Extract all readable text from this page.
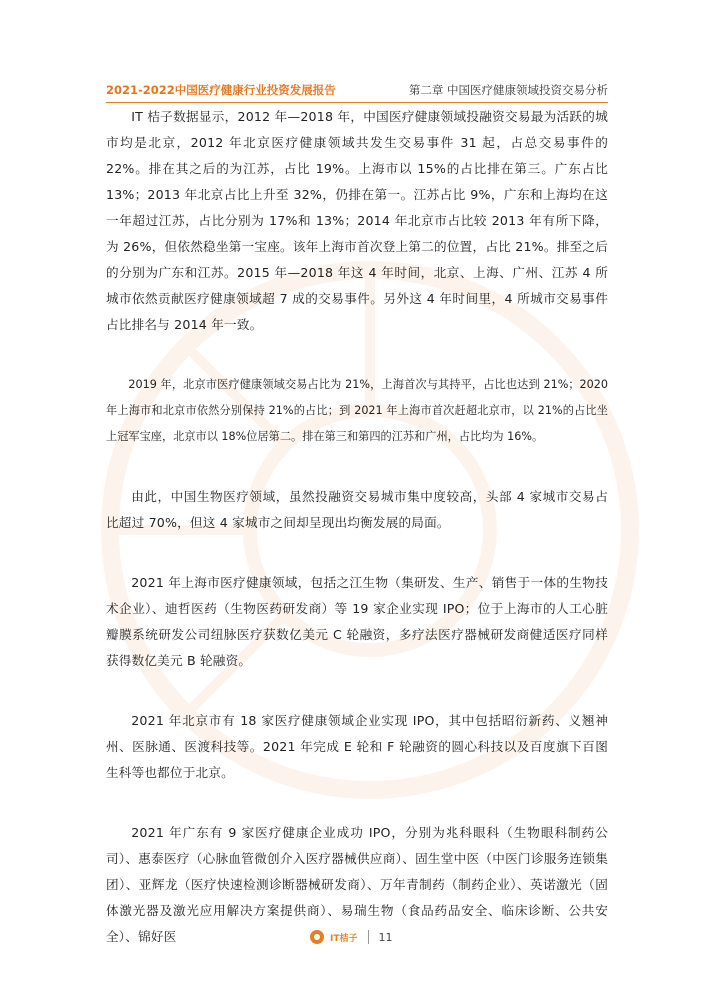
2021-2022中国医疗健康行业投资发展报告	第二章 中国医疗健康领域投资交易分析

IT 桔子数据显示，2012 年—2018 年，中国医疗健康领域投融资交易最为活跃的城市均是北京，2012 年北京医疗健康领域共发生交易事件 31 起，占总交易事件的 22%。排在其之后的为江苏，占比 19%。上海市以 15%的占比排在第三。广东占比 13%；2013 年北京占比上升至 32%，仍排在第一。江苏占比 9%，广东和上海均在这一年超过江苏，占比分别为 17%和 13%；2014 年北京市占比较 2013 年有所下降，为 26%，但依然稳坐第一宝座。该年上海市首次登上第二的位置，占比 21%。排至之后的分别为广东和江苏。2015 年—2018 年这 4 年时间，北京、上海、广州、江苏 4 所城市依然贡献医疗健康领域超 7 成的交易事件。另外这 4 年时间里，4 所城市交易事件占比排名与 2014 年一致。

2019 年，北京市医疗健康领域交易占比为 21%，上海首次与其持平，占比也达到 21%；2020 年上海市和北京市依然分别保持 21%的占比；到 2021 年上海市首次赶超北京市，以 21%的占比坐上冠军宝座，北京市以 18%位居第二。排在第三和第四的江苏和广州，占比均为 16%。

由此，中国生物医疗领域，虽然投融资交易城市集中度较高，头部 4 家城市交易占比超过 70%，但这 4 家城市之间却呈现出均衡发展的局面。

2021 年上海市医疗健康领域，包括之江生物（集研发、生产、销售于一体的生物技术企业）、迪哲医药（生物医药研发商）等 19 家企业实现 IPO；位于上海市的人工心脏瓣膜系统研发公司纽脉医疗获数亿美元 C 轮融资，多疗法医疗器械研发商健适医疗同样获得数亿美元 B 轮融资。

2021 年北京市有 18 家医疗健康领域企业实现 IPO，其中包括昭衍新药、义翘神州、医脉通、医渡科技等。2021 年完成 E 轮和 F 轮融资的圆心科技以及百度旗下百图生科等也都位于北京。

2021 年广东有 9 家医疗健康企业成功 IPO，分别为兆科眼科（生物眼科制药公司）、惠泰医疗（心脉血管微创介入医疗器械供应商）、固生堂中医（中医门诊服务连锁集团）、亚辉龙（医疗快速检测诊断器械研发商）、万年青制药（制药企业）、英诺激光（固体激光器及激光应用解决方案提供商）、易瑞生物（食品药品安全、临床诊断、公共安全）、锦好医	IT桔子 11
